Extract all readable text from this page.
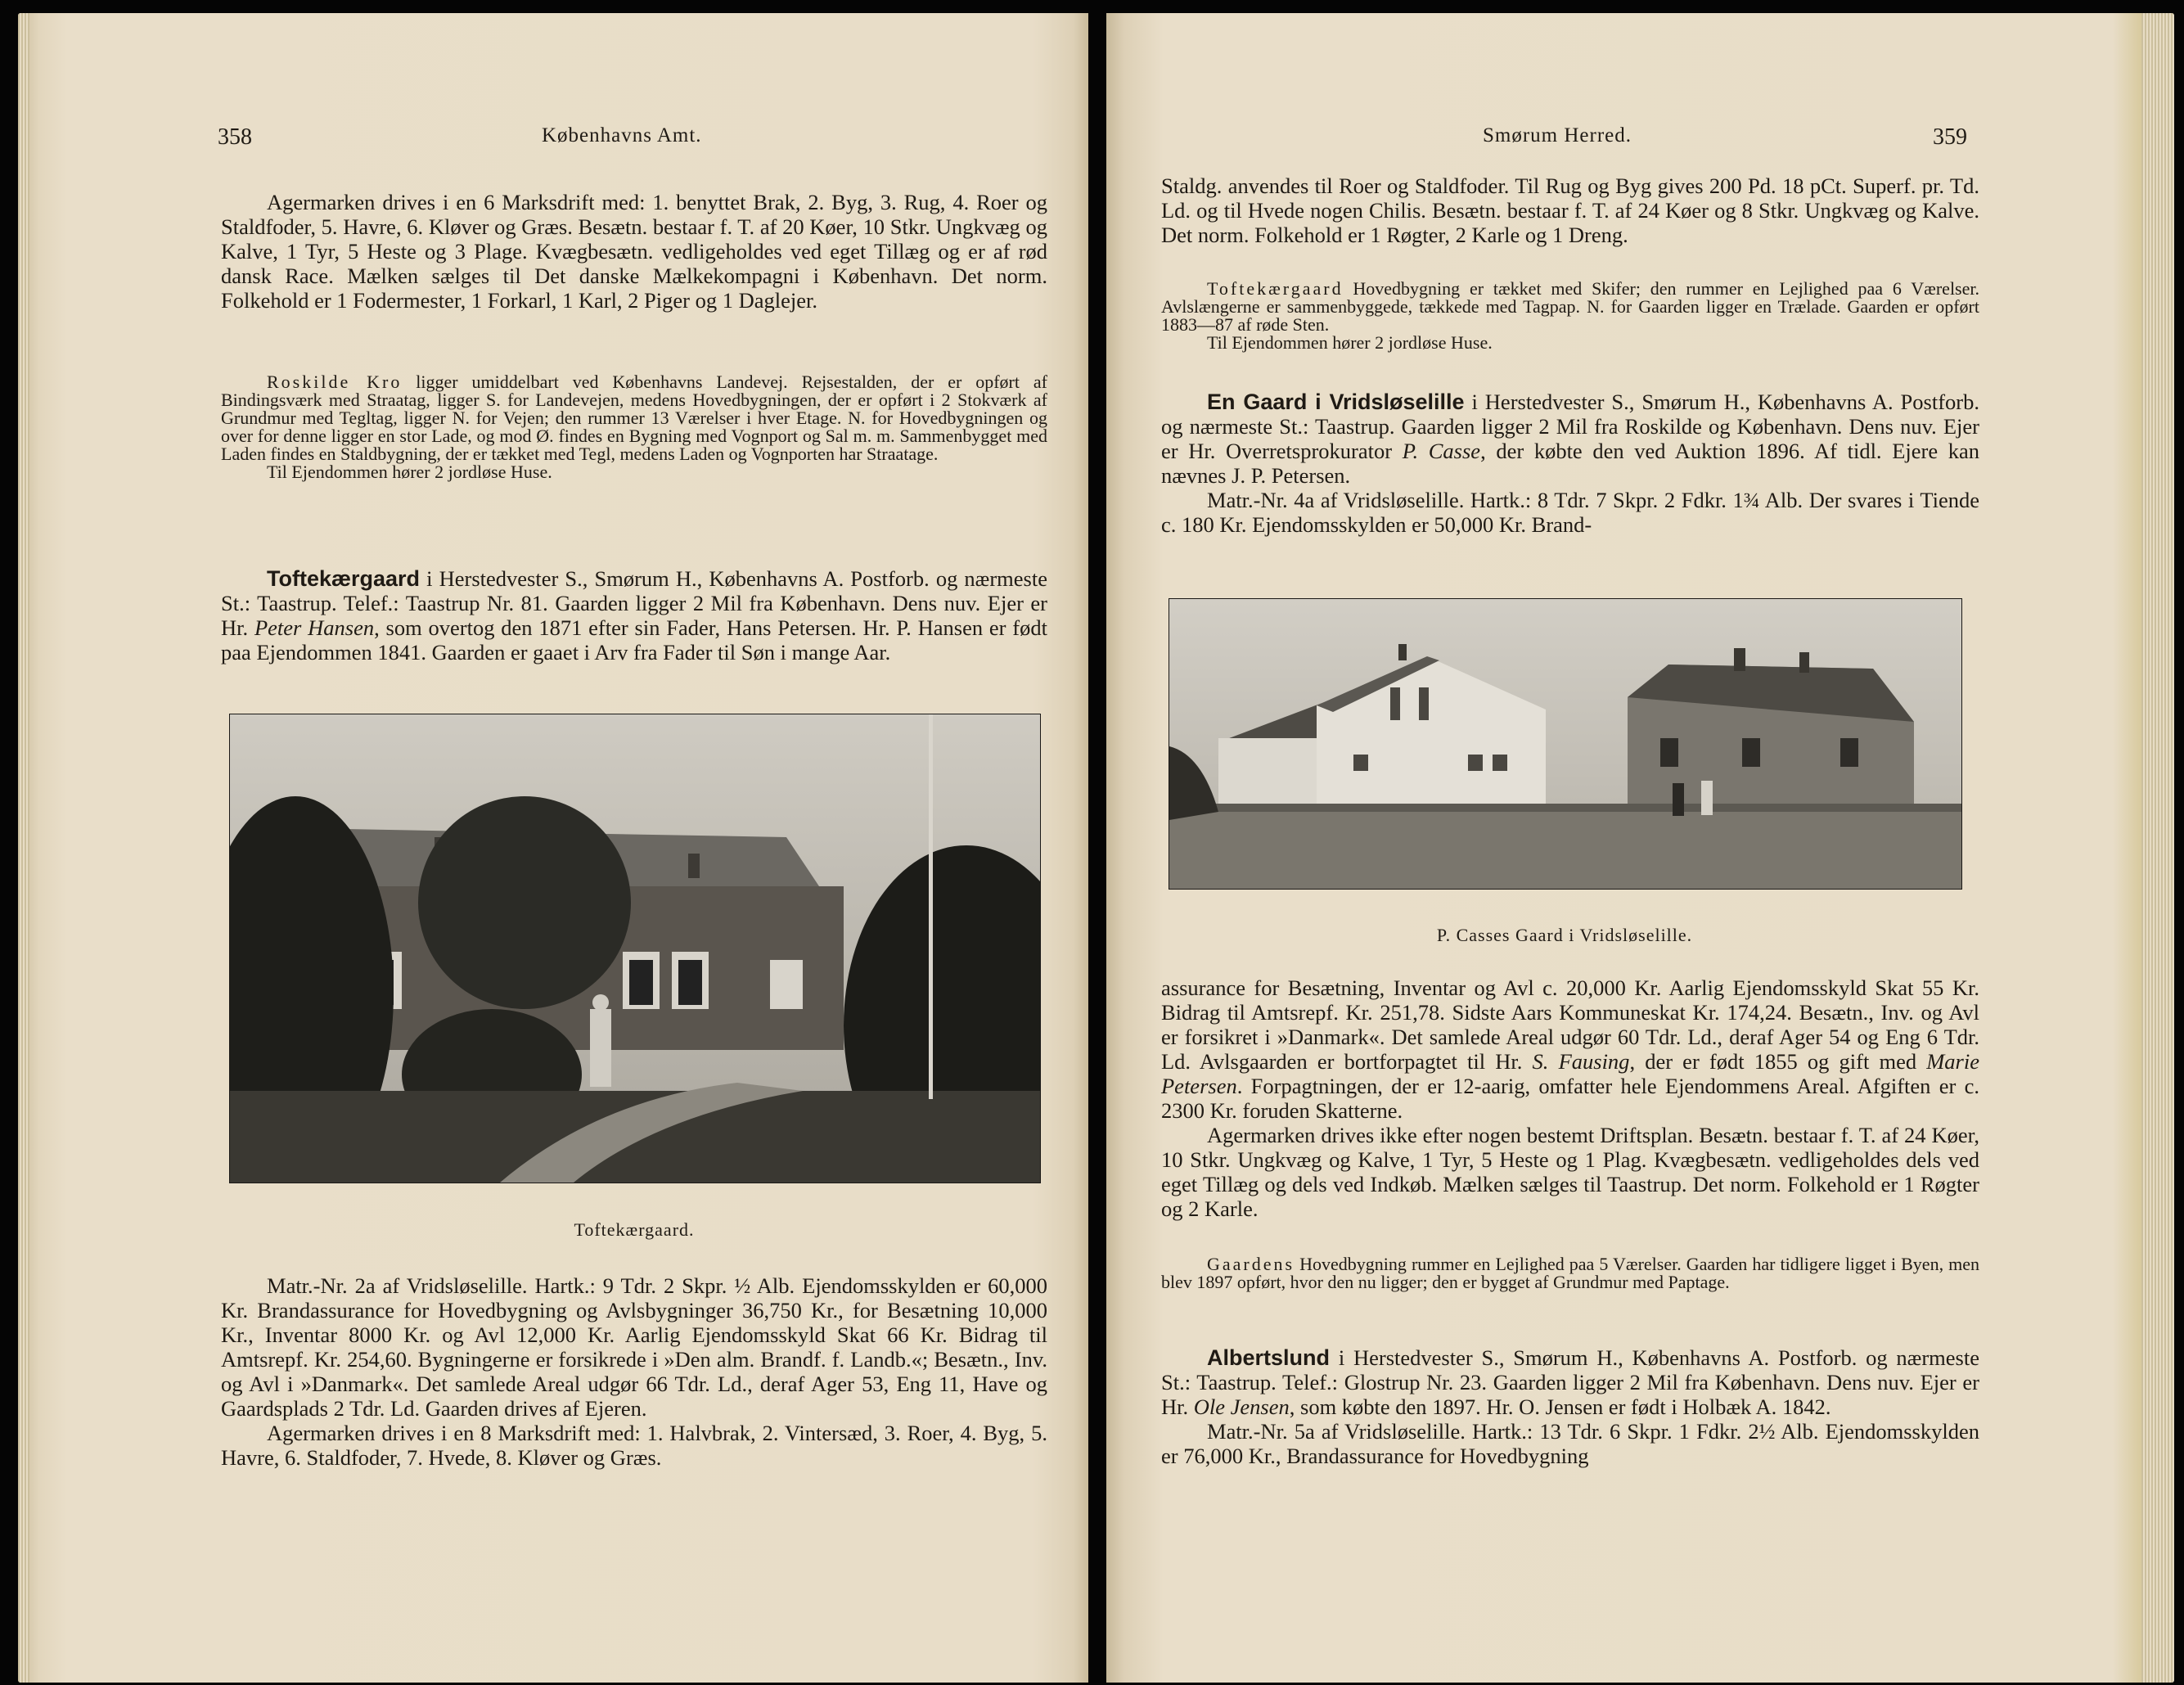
358	Københavns Amt.

Agermarken drives i en 6 Marksdrift med: 1. benyttet Brak, 2. Byg, 3. Rug, 4. Roer og Staldfoder, 5. Havre, 6. Kløver og Græs. Besætn. bestaar f. T. af 20 Køer, 10 Stkr. Ungkvæg og Kalve, 1 Tyr, 5 Heste og 3 Plage. Kvægbesætn. vedligeholdes ved eget Tillæg og er af rød dansk Race. Mælken sælges til Det danske Mælkekompagni i København. Det norm. Folkehold er 1 Fodermester, 1 Forkarl, 1 Karl, 2 Piger og 1 Daglejer.

Roskilde Kro ligger umiddelbart ved Københavns Landevej. Rejsestalden, der er opført af Bindingsværk med Straatag, ligger S. for Landevejen, medens Hovedbygningen, der er opført i 2 Stokværk af Grundmur med Tegltag, ligger N. for Vejen; den rummer 13 Værelser i hver Etage. N. for Hovedbygningen og over for denne ligger en stor Lade, og mod Ø. findes en Bygning med Vognport og Sal m. m. Sammenbygget med Laden findes en Staldbygning, der er tækket med Tegl, medens Laden og Vognporten har Straatage.

Til Ejendommen hører 2 jordløse Huse.

Toftekærgaard i Herstedvester S., Smørum H., Københavns A. Postforb. og nærmeste St.: Taastrup. Telef.: Taastrup Nr. 81. Gaarden ligger 2 Mil fra København. Dens nuv. Ejer er Hr. Peter Hansen, som overtog den 1871 efter sin Fader, Hans Petersen. Hr. P. Hansen er født paa Ejendommen 1841. Gaarden er gaaet i Arv fra Fader til Søn i mange Aar.

Toftekærgaard.

Matr.-Nr. 2a af Vridsløselille. Hartk.: 9 Tdr. 2 Skpr. ½ Alb. Ejendomsskylden er 60,000 Kr. Brandassurance for Hovedbygning og Avlsbygninger 36,750 Kr., for Besætning 10,000 Kr., Inventar 8000 Kr. og Avl 12,000 Kr. Aarlig Ejendomsskyld Skat 66 Kr. Bidrag til Amtsrepf. Kr. 254,60. Bygningerne er forsikrede i »Den alm. Brandf. f. Landb.«; Besætn., Inv. og Avl i »Danmark«. Det samlede Areal udgør 66 Tdr. Ld., deraf Ager 53, Eng 11, Have og Gaardsplads 2 Tdr. Ld. Gaarden drives af Ejeren.

Agermarken drives i en 8 Marksdrift med: 1. Halvbrak, 2. Vintersæd, 3. Roer, 4. Byg, 5. Havre, 6. Staldfoder, 7. Hvede, 8. Kløver og Græs.

Smørum Herred.	359

Staldg. anvendes til Roer og Staldfoder. Til Rug og Byg gives 200 Pd. 18 pCt. Superf. pr. Td. Ld. og til Hvede nogen Chilis. Besætn. bestaar f. T. af 24 Køer og 8 Stkr. Ungkvæg og Kalve. Det norm. Folkehold er 1 Røgter, 2 Karle og 1 Dreng.

Toftekærgaard Hovedbygning er tækket med Skifer; den rummer en Lejlighed paa 6 Værelser. Avlslængerne er sammenbyggede, tækkede med Tagpap. N. for Gaarden ligger en Trælade. Gaarden er opført 1883—87 af røde Sten.

Til Ejendommen hører 2 jordløse Huse.

En Gaard i Vridsløselille i Herstedvester S., Smørum H., Københavns A. Postforb. og nærmeste St.: Taastrup. Gaarden ligger 2 Mil fra Roskilde og København. Dens nuv. Ejer er Hr. Overretsprokurator P. Casse, der købte den ved Auktion 1896. Af tidl. Ejere kan nævnes J. P. Petersen.

Matr.-Nr. 4a af Vridsløselille. Hartk.: 8 Tdr. 7 Skpr. 2 Fdkr. 1¾ Alb. Der svares i Tiende c. 180 Kr. Ejendomsskylden er 50,000 Kr. Brand-

P. Casses Gaard i Vridsløselille.

assurance for Besætning, Inventar og Avl c. 20,000 Kr. Aarlig Ejendomsskyld Skat 55 Kr. Bidrag til Amtsrepf. Kr. 251,78. Sidste Aars Kommuneskat Kr. 174,24. Besætn., Inv. og Avl er forsikret i »Danmark«. Det samlede Areal udgør 60 Tdr. Ld., deraf Ager 54 og Eng 6 Tdr. Ld. Avlsgaarden er bortforpagtet til Hr. S. Fausing, der er født 1855 og gift med Marie Petersen. Forpagtningen, der er 12-aarig, omfatter hele Ejendommens Areal. Afgiften er c. 2300 Kr. foruden Skatterne.

Agermarken drives ikke efter nogen bestemt Driftsplan. Besætn. bestaar f. T. af 24 Køer, 10 Stkr. Ungkvæg og Kalve, 1 Tyr, 5 Heste og 1 Plag. Kvægbesætn. vedligeholdes dels ved eget Tillæg og dels ved Indkøb. Mælken sælges til Taastrup. Det norm. Folkehold er 1 Røgter og 2 Karle.

Gaardens Hovedbygning rummer en Lejlighed paa 5 Værelser. Gaarden har tidligere ligget i Byen, men blev 1897 opført, hvor den nu ligger; den er bygget af Grundmur med Paptage.

Albertslund i Herstedvester S., Smørum H., Københavns A. Postforb. og nærmeste St.: Taastrup. Telef.: Glostrup Nr. 23. Gaarden ligger 2 Mil fra København. Dens nuv. Ejer er Hr. Ole Jensen, som købte den 1897. Hr. O. Jensen er født i Holbæk A. 1842.

Matr.-Nr. 5a af Vridsløselille. Hartk.: 13 Tdr. 6 Skpr. 1 Fdkr. 2½ Alb. Ejendomsskylden er 76,000 Kr., Brandassurance for Hovedbygning
